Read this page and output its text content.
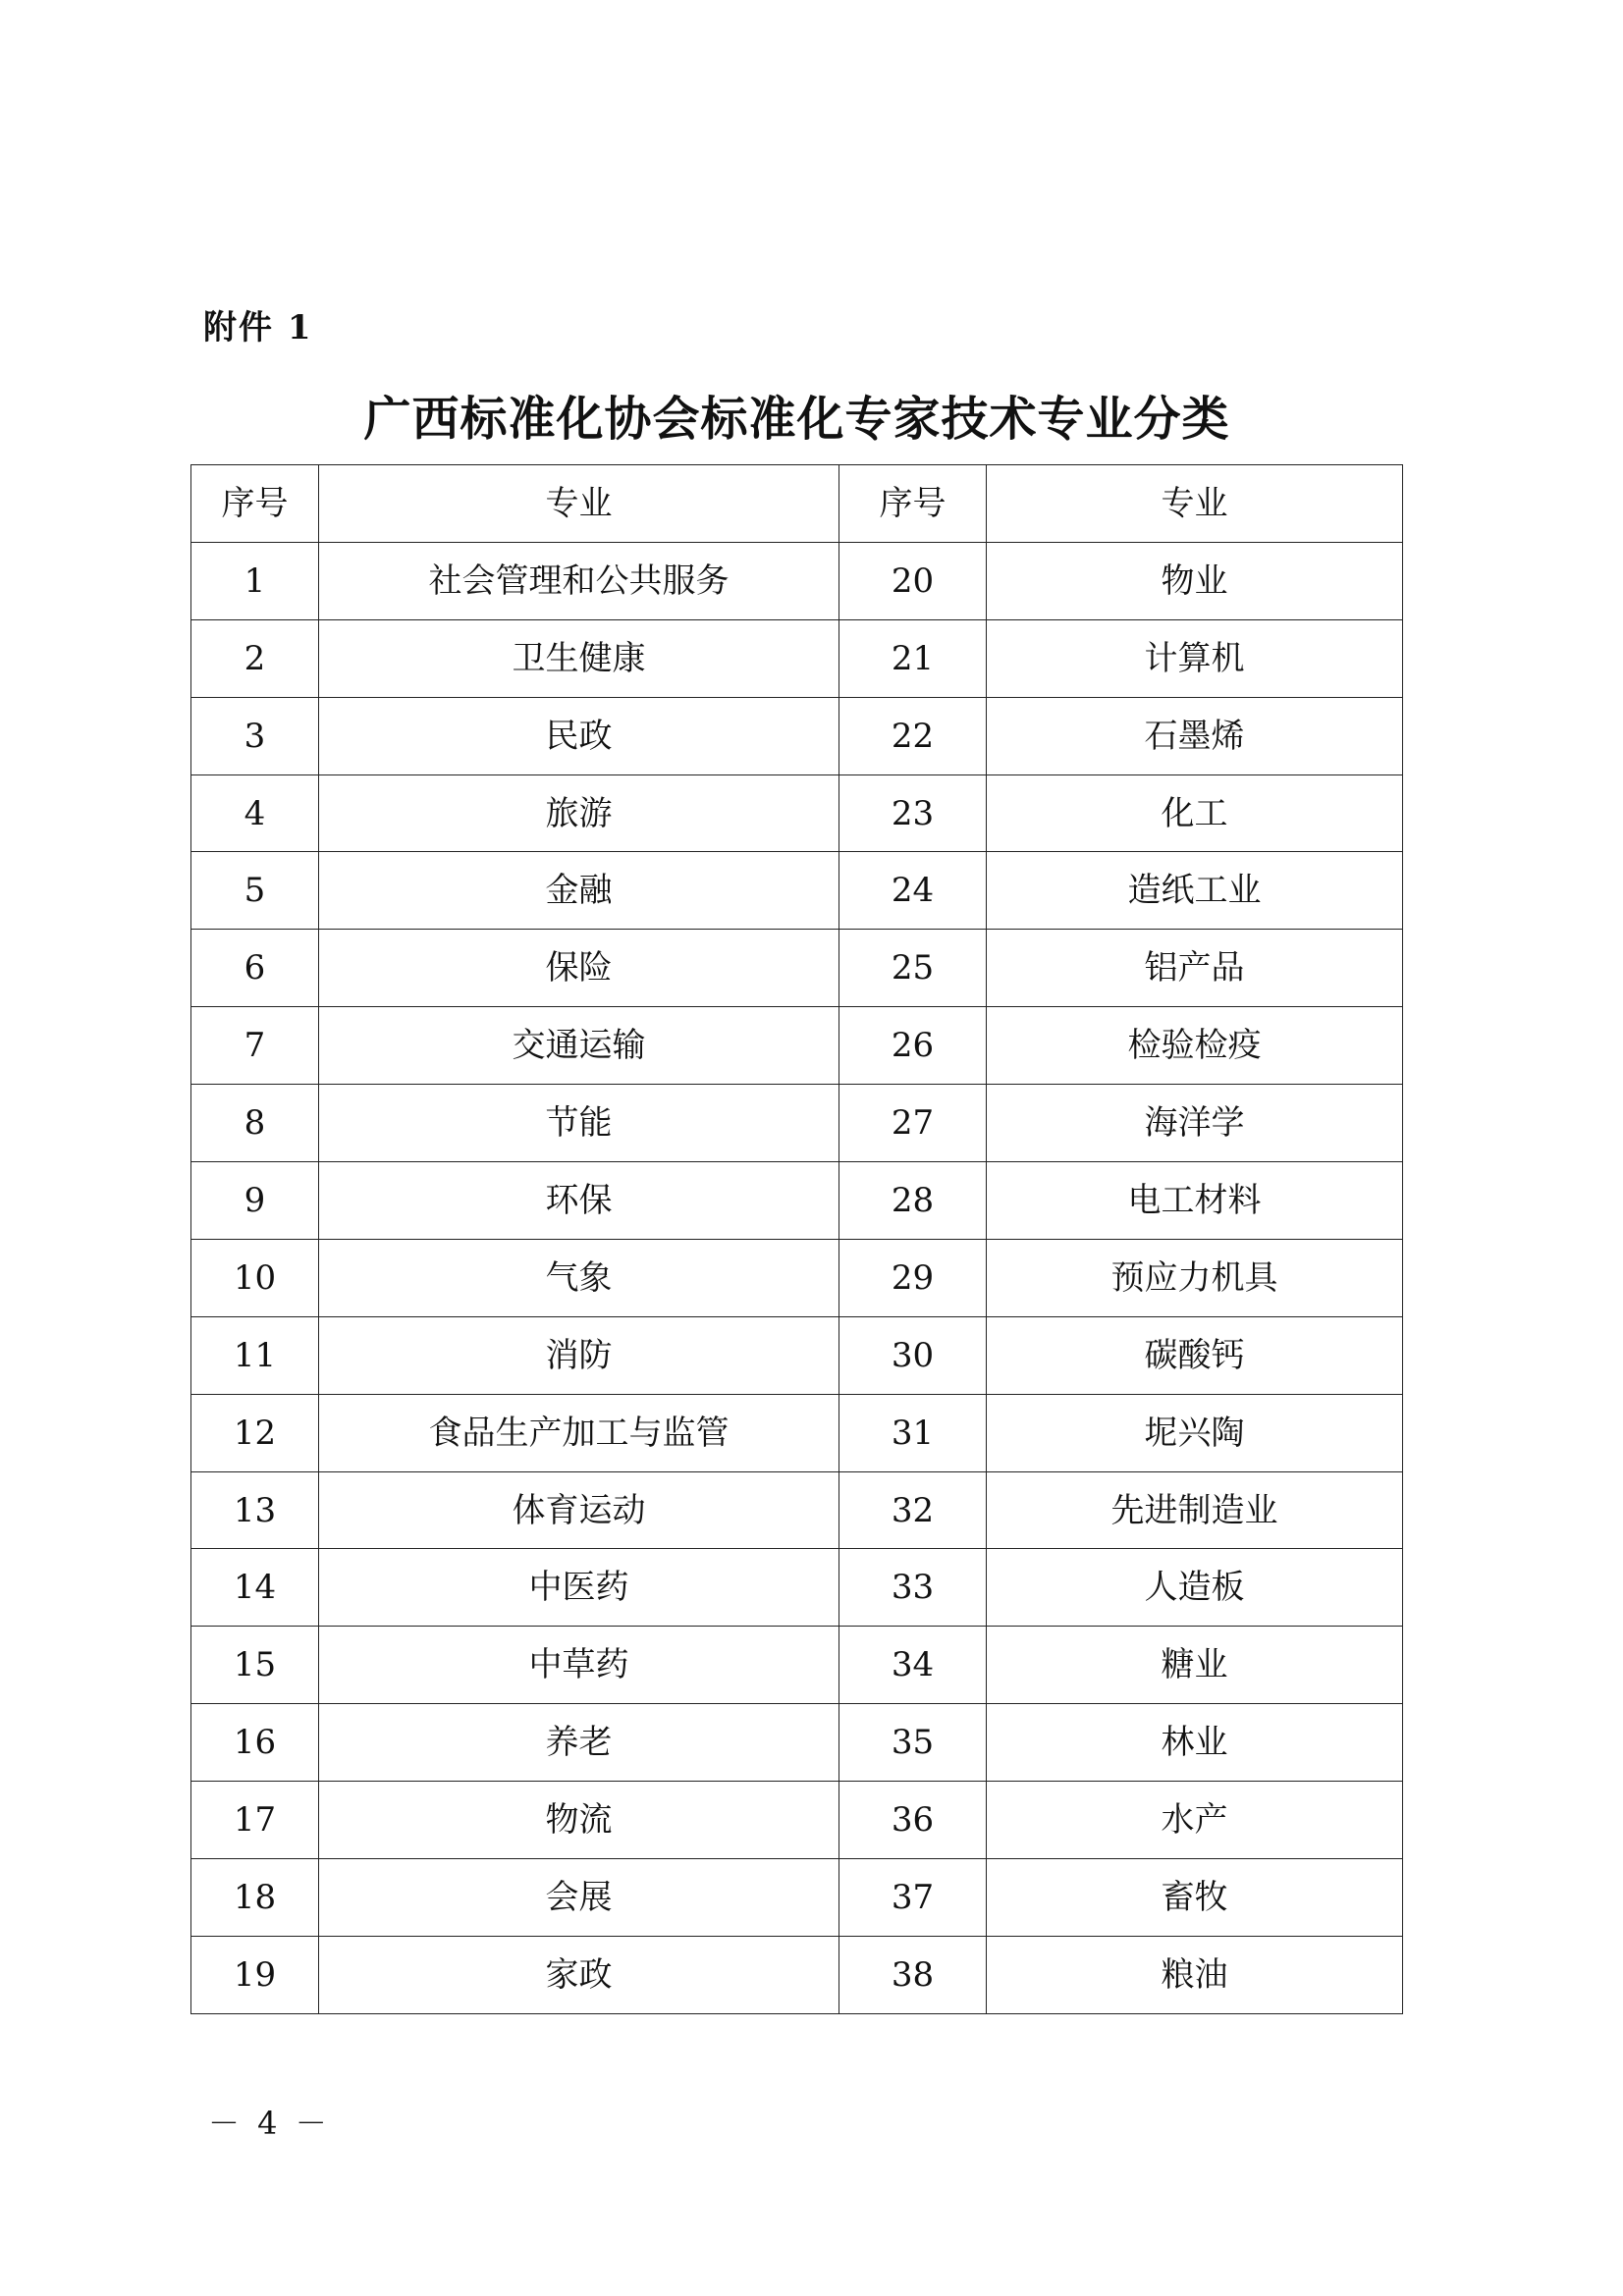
附件 1
广西标准化协会标准化专家技术专业分类
序号	专业	序号	专业
1	社会管理和公共服务	20	物业
2	卫生健康	21	计算机
3	民政	22	石墨烯
4	旅游	23	化工
5	金融	24	造纸工业
6	保险	25	铝产品
7	交通运输	26	检验检疫
8	节能	27	海洋学
9	环保	28	电工材料
10	气象	29	预应力机具
11	消防	30	碳酸钙
12	食品生产加工与监管	31	坭兴陶
13	体育运动	32	先进制造业
14	中医药	33	人造板
15	中草药	34	糖业
16	养老	35	林业
17	物流	36	水产
18	会展	37	畜牧
19	家政	38	粮油
－ 4 －
